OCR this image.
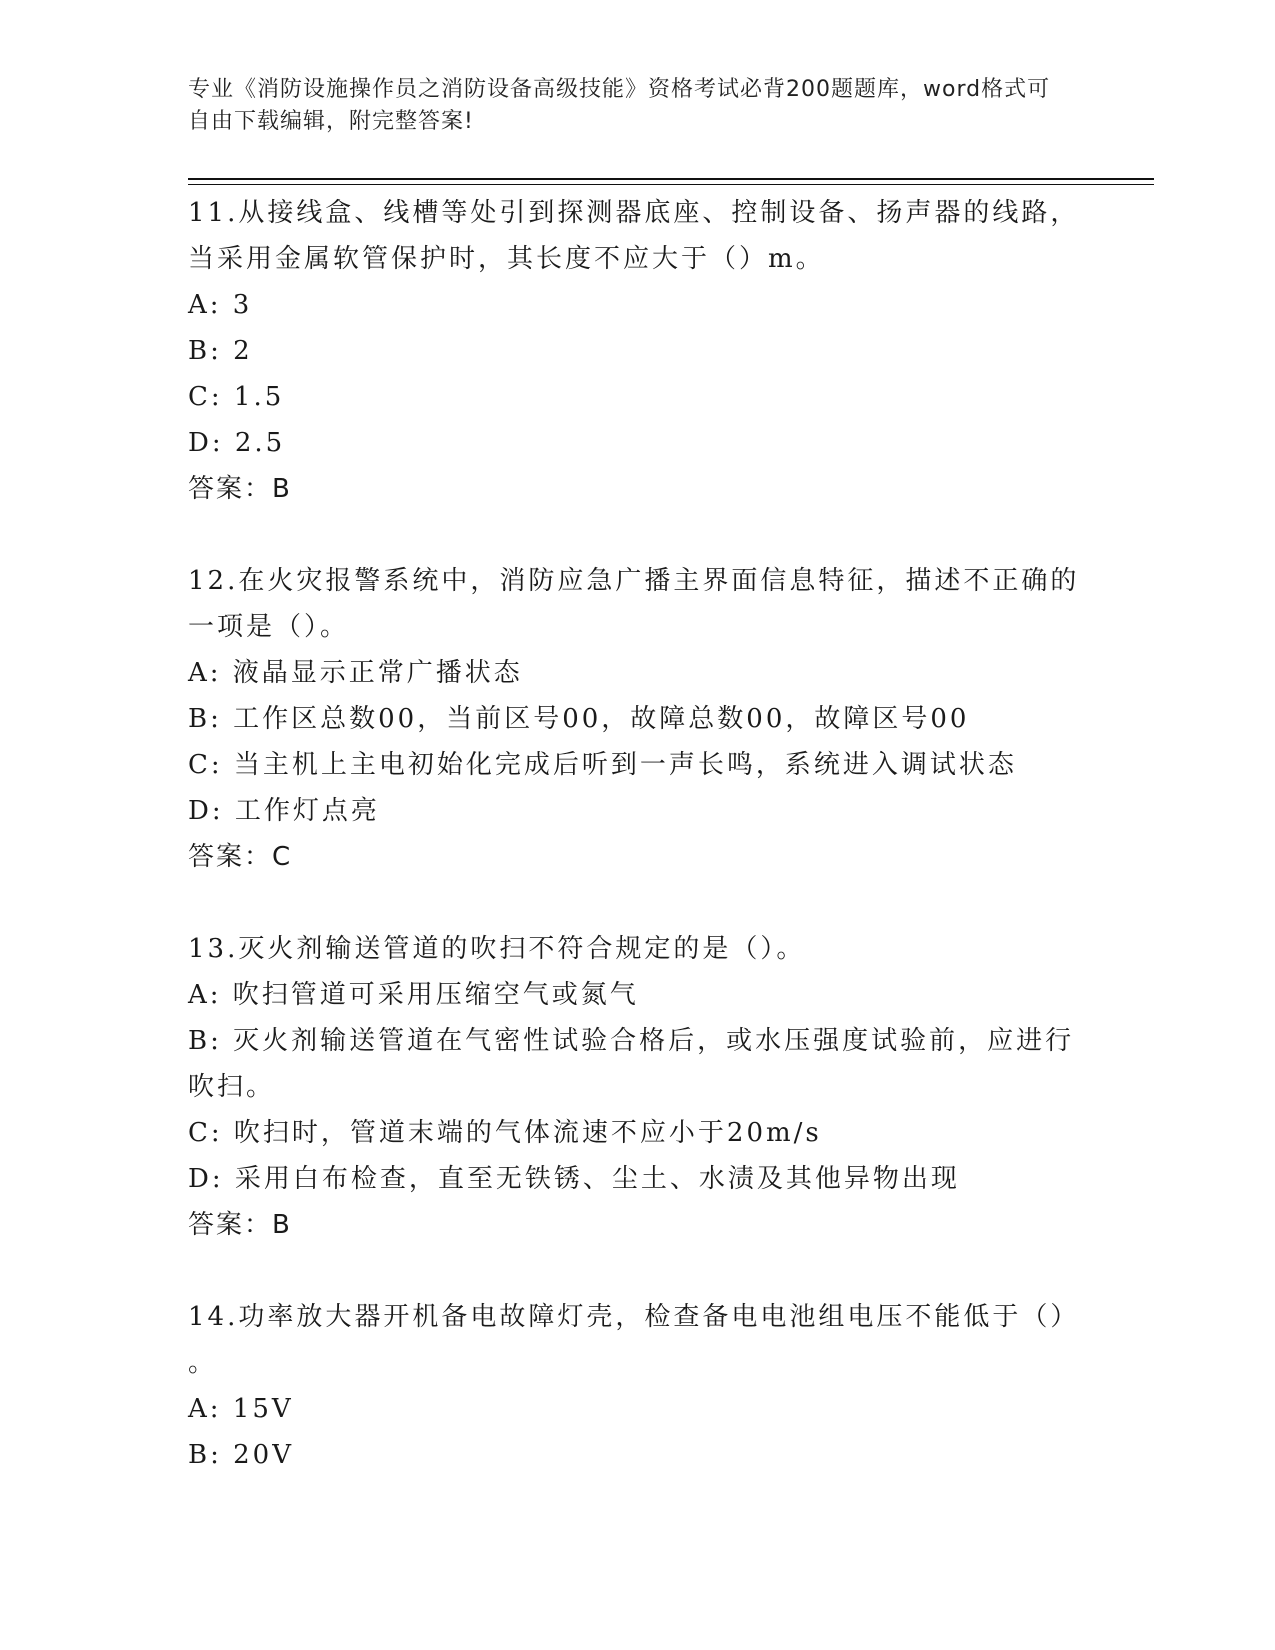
专业《消防设施操作员之消防设备高级技能》资格考试必背200题题库，word格式可自由下载编辑，附完整答案!

11.从接线盒、线槽等处引到探测器底座、控制设备、扬声器的线路，当采用金属软管保护时，其长度不应大于（）m。

A: 3

B: 2

C: 1.5

D: 2.5

答案：B

12.在火灾报警系统中，消防应急广播主界面信息特征，描述不正确的一项是（）。

A: 液晶显示正常广播状态

B: 工作区总数00，当前区号00，故障总数00，故障区号00

C: 当主机上主电初始化完成后听到一声长鸣，系统进入调试状态

D: 工作灯点亮

答案：C

13.灭火剂输送管道的吹扫不符合规定的是（）。

A: 吹扫管道可采用压缩空气或氮气

B: 灭火剂输送管道在气密性试验合格后，或水压强度试验前，应进行吹扫。

C: 吹扫时，管道末端的气体流速不应小于20m/s

D: 采用白布检查，直至无铁锈、尘土、水渍及其他异物出现

答案：B

14.功率放大器开机备电故障灯壳，检查备电电池组电压不能低于（）

。

A: 15V

B: 20V
